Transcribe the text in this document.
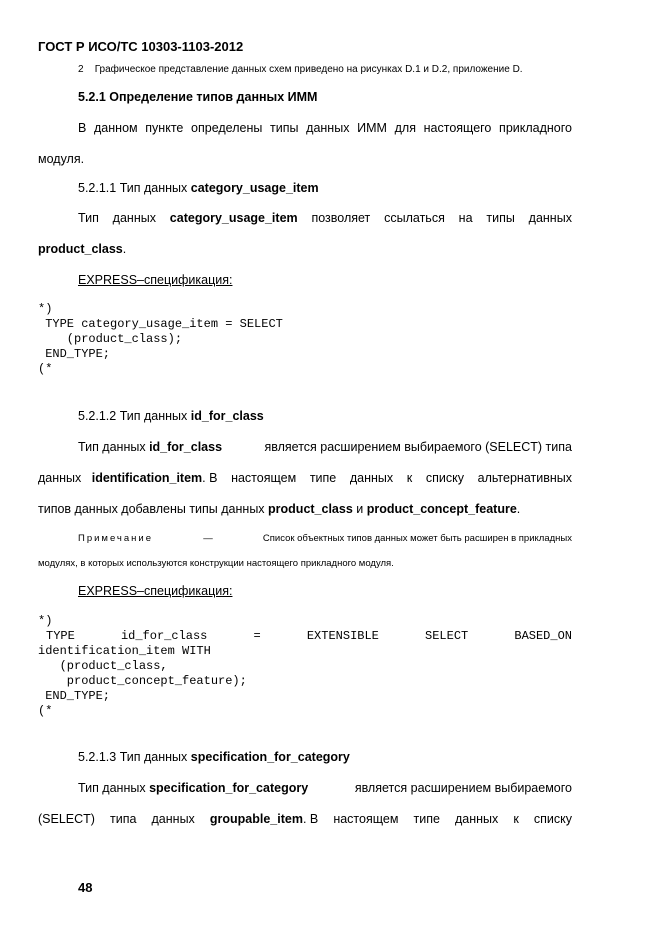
ГОСТ Р ИСО/ТС 10303-1103-2012
2 Графическое представление данных схем приведено на рисунках D.1 и D.2, приложение D.
5.2.1 Определение типов данных ИММ
В данном пункте определены типы данных ИММ для настоящего прикладного
модуля.
5.2.1.1 Тип данных category_usage_item
Тип данных category_usage_item позволяет ссылаться на типы данных
product_class.
EXPRESS–спецификация:
*)
TYPE category_usage_item = SELECT
(product_class);
END_TYPE;
(*
5.2.1.2 Тип данных id_for_class
Тип данных id_for_class	является расширением выбираемого (SELECT) типа
данных identification_item. В настоящем типе данных к списку альтернативных
типов данных добавлены типы данных product_class и product_concept_feature.
Примечание	—	Список объектных типов данных может быть расширен в прикладных
модулях, в которых используются конструкции настоящего прикладного модуля.
EXPRESS–спецификация:
*)
TYPE	id_for_class	=	EXTENSIBLE	SELECT	BASED_ON
identification_item WITH
(product_class,
product_concept_feature);
END_TYPE;
(*
5.2.1.3 Тип данных specification_for_category
Тип данных specification_for_category	является расширением выбираемого
(SELECT) типа данных groupable_item. В настоящем типе данных к списку
48
